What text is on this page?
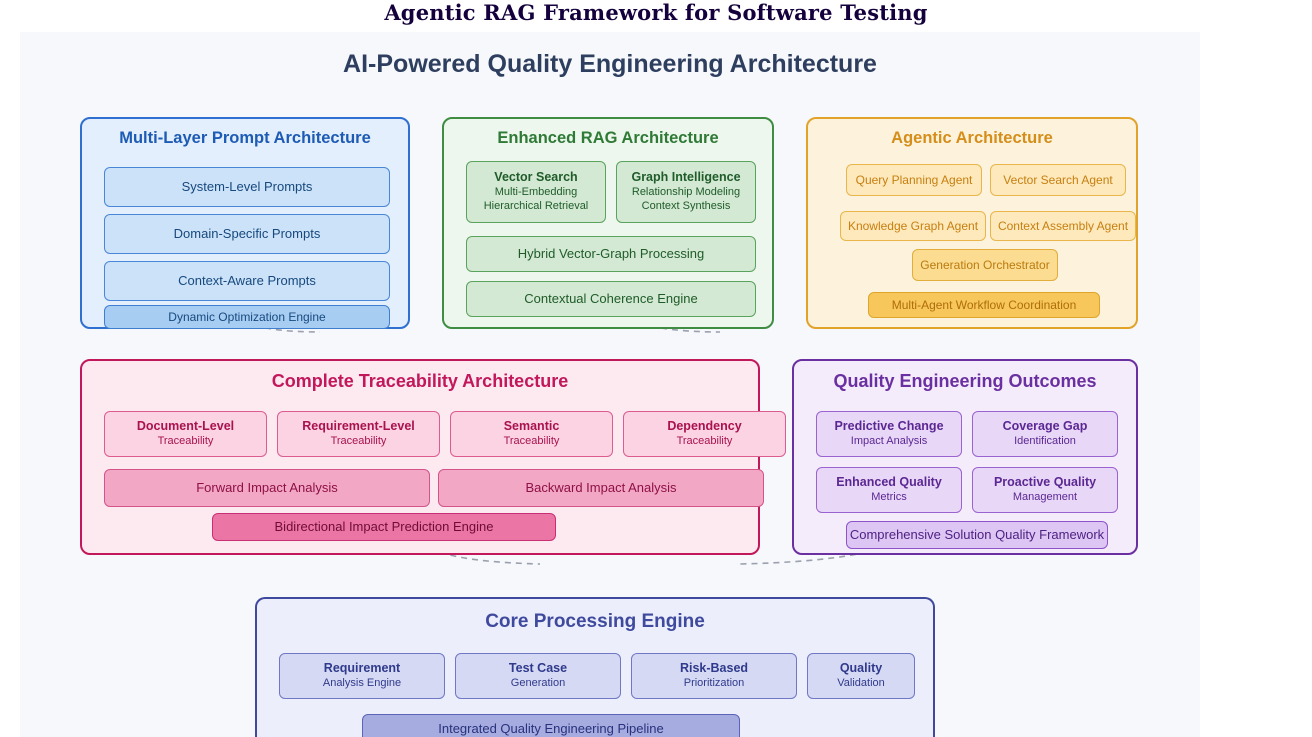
Agentic RAG Framework for Software Testing
AI-Powered Quality Engineering Architecture
Multi-Layer Prompt Architecture
System-Level Prompts
Domain-Specific Prompts
Context-Aware Prompts
Dynamic Optimization Engine
Enhanced RAG Architecture
Vector Search
Multi-Embedding
Hierarchical Retrieval
Graph Intelligence
Relationship Modeling
Context Synthesis
Hybrid Vector-Graph Processing
Contextual Coherence Engine
Agentic Architecture
Query Planning Agent	Vector Search Agent
Knowledge Graph Agent Context Assembly Agent
Generation Orchestrator
Multi-Agent Workflow Coordination
Complete Traceability Architecture
Document-Level
Traceability
Requirement-Level
Traceability
Semantic
Traceability
Dependency
Traceability
Forward Impact Analysis	Backward Impact Analysis
Bidirectional Impact Prediction Engine
Quality Engineering Outcomes
Predictive Change
Impact Analysis
Coverage Gap
Identification
Enhanced Quality
Metrics
Proactive Quality
Management
Comprehensive Solution Quality Framework
Core Processing Engine
Requirement
Analysis Engine
Test Case
Generation
Risk-Based
Prioritization
Quality
Validation
Integrated Quality Engineering Pipeline
